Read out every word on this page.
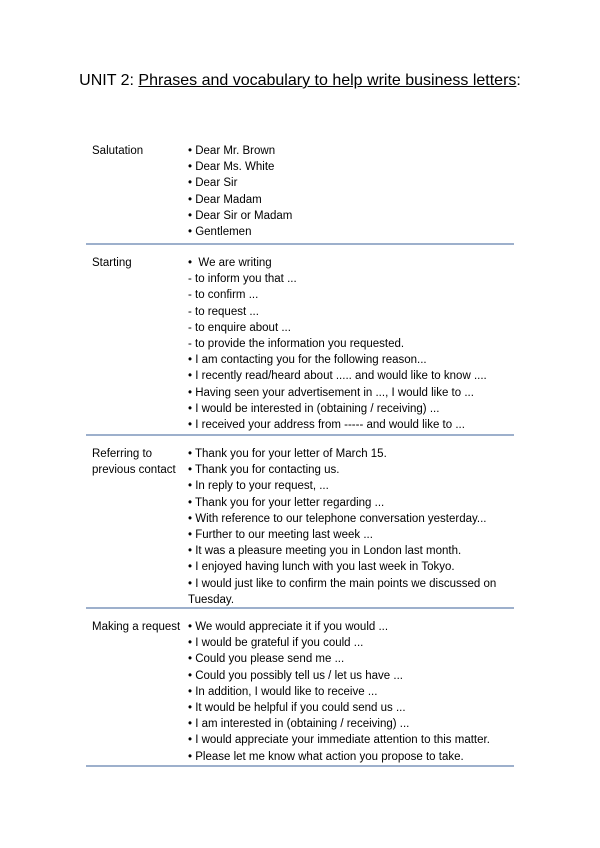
UNIT 2: Phrases and vocabulary to help write business letters:
Salutation	• Dear Mr. Brown
• Dear Ms. White
• Dear Sir
• Dear Madam
• Dear Sir or Madam
• Gentlemen
Starting	•  We are writing
- to inform you that ...
- to confirm ...
- to request ...
- to enquire about ...
- to provide the information you requested.
• I am contacting you for the following reason...
• I recently read/heard about ..... and would like to know ....
• Having seen your advertisement in ..., I would like to ...
• I would be interested in (obtaining / receiving) ...
• I received your address from ----- and would like to ...
Referring to previous contact
• Thank you for your letter of March 15.
• Thank you for contacting us.
• In reply to your request, ...
• Thank you for your letter regarding ...
• With reference to our telephone conversation yesterday...
• Further to our meeting last week ...
• It was a pleasure meeting you in London last month.
• I enjoyed having lunch with you last week in Tokyo.
• I would just like to confirm the main points we discussed on Tuesday.
Making a request • We would appreciate it if you would ...
• I would be grateful if you could ...
• Could you please send me ...
• Could you possibly tell us / let us have ...
• In addition, I would like to receive ...
• It would be helpful if you could send us ...
• I am interested in (obtaining / receiving) ...
• I would appreciate your immediate attention to this matter.
• Please let me know what action you propose to take.
